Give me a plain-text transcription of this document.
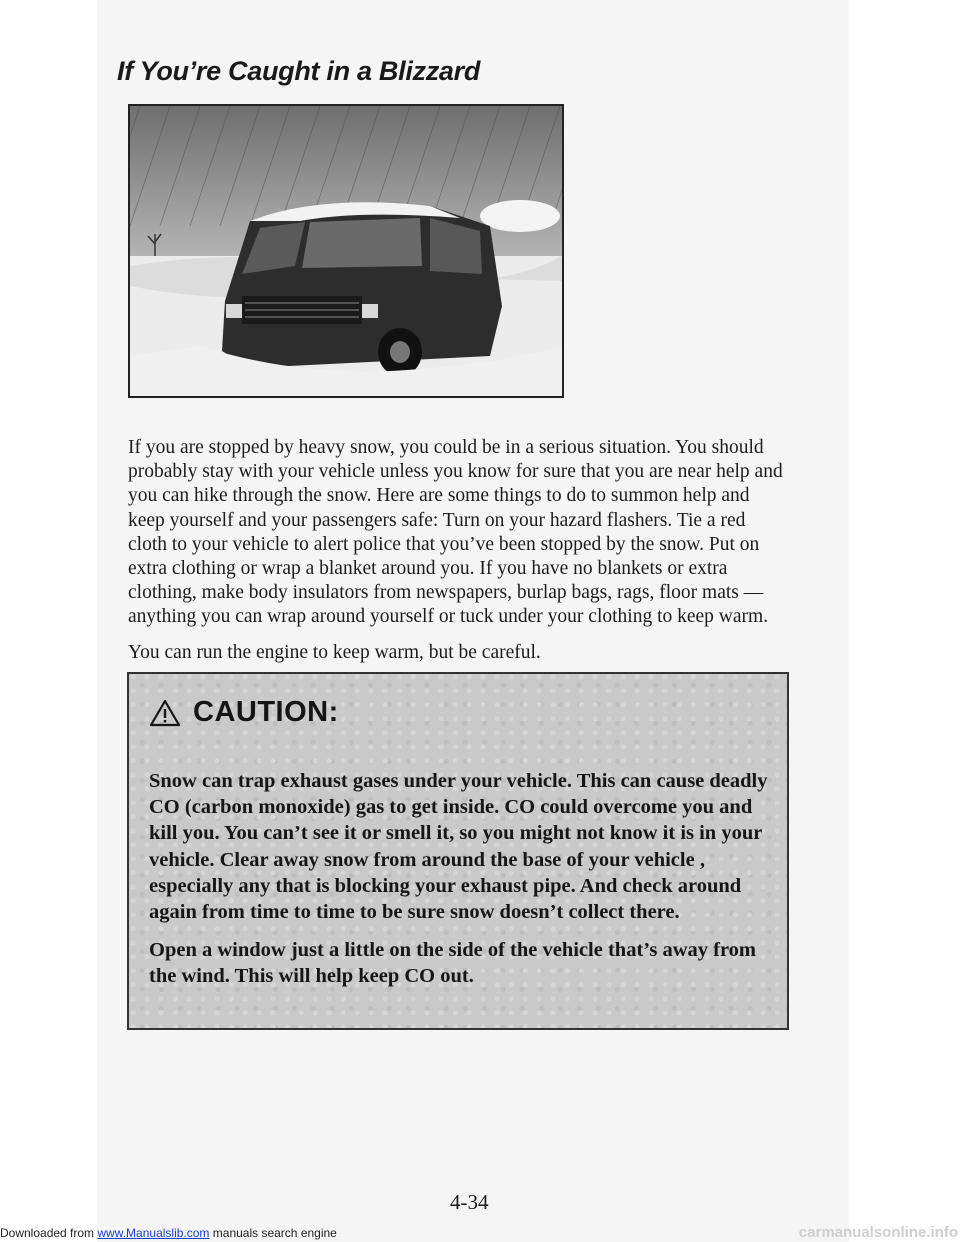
If You’re Caught in a Blizzard

If you are stopped by heavy snow, you could be in a serious situation. You should probably stay with your vehicle unless you know for sure that you are near help and you can hike through the snow. Here are some things to do to summon help and keep yourself and your passengers safe: Turn on your hazard flashers. Tie a red cloth to your vehicle to alert police that you’ve been stopped by the snow. Put on extra clothing or wrap a blanket around you. If you have no blankets or extra clothing, make body insulators from newspapers, burlap bags, rags, floor mats — anything you can wrap around yourself or tuck under your clothing to keep warm.

You can run the engine to keep warm, but be careful.

CAUTION:

Snow can trap exhaust gases under your vehicle. This can cause deadly CO (carbon monoxide) gas to get inside. CO could overcome you and kill you. You can’t see it or smell it, so you might not know it is in your vehicle. Clear away snow from around the base of your vehicle , especially any that is blocking your exhaust pipe. And check around again from time to time to be sure snow doesn’t collect there.

Open a window just a little on the side of the vehicle that’s away from the wind. This will help keep CO out.

4-34
Downloaded from www.Manualslib.com manuals search engine	carmanualsonline.info
